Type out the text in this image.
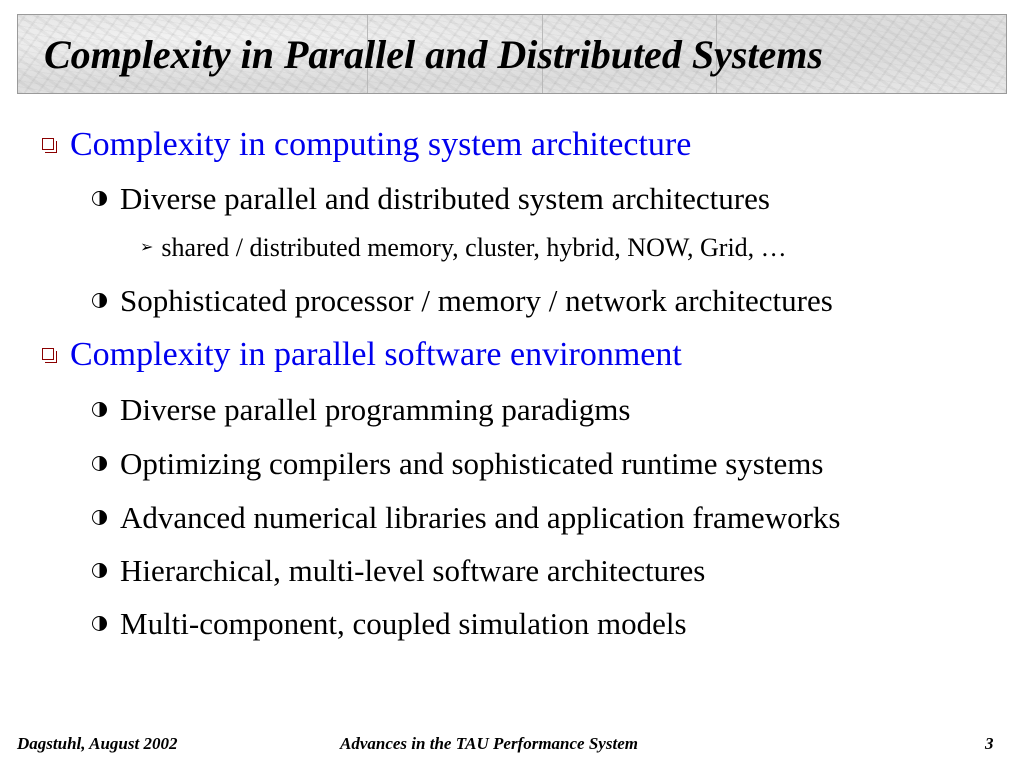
Complexity in Parallel and Distributed Systems
Complexity in computing system architecture
Diverse parallel and distributed system architectures
➢ shared / distributed memory, cluster, hybrid, NOW, Grid, …
Sophisticated processor / memory / network architectures
Complexity in parallel software environment
Diverse parallel programming paradigms
Optimizing compilers and sophisticated runtime systems
Advanced numerical libraries and application frameworks
Hierarchical, multi-level software architectures
Multi-component, coupled simulation models
Dagstuhl, August 2002	Advances in the TAU Performance System	3
